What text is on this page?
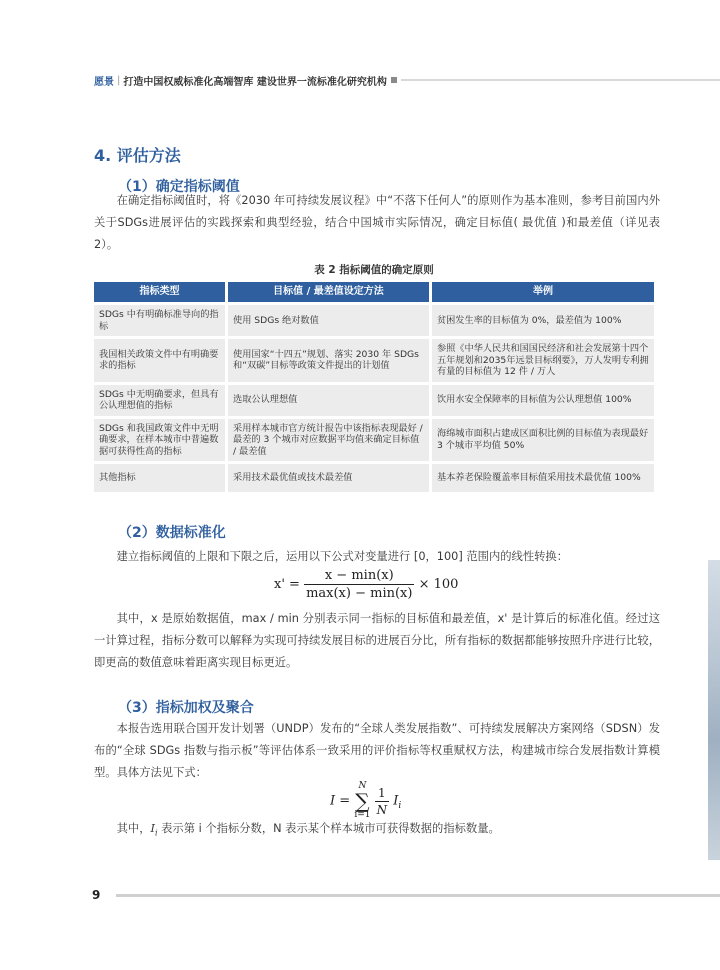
愿景 | 打造中国权威标准化高端智库 建设世界一流标准化研究机构
4. 评估方法
（1）确定指标阈值

在确定指标阈值时，将《2030 年可持续发展议程》中“不落下任何人”的原则作为基本准则，参考目前国内外关于SDGs进展评估的实践探索和典型经验，结合中国城市实际情况，确定目标值( 最优值 )和最差值（详见表 2）。

表 2 指标阈值的确定原则
指标类型	目标值 / 最差值设定方法	举例
SDGs 中有明确标准导向的指标	使用 SDGs 绝对数值	贫困发生率的目标值为 0%，最差值为 100%
我国相关政策文件中有明确要求的指标	使用国家“十四五”规划、落实 2030 年 SDGs 和“双碳”目标等政策文件提出的计划值	参照《中华人民共和国国民经济和社会发展第十四个五年规划和2035年远景目标纲要》，万人发明专利拥有量的目标值为 12 件 / 万人
SDGs 中无明确要求，但具有公认理想值的指标	选取公认理想值	饮用水安全保障率的目标值为公认理想值 100%
SDGs 和我国政策文件中无明确要求，在样本城市中普遍数据可获得性高的指标	采用样本城市官方统计报告中该指标表现最好 / 最差的 3 个城市对应数据平均值来确定目标值 / 最差值	海绵城市面积占建成区面积比例的目标值为表现最好 3 个城市平均值 50%
其他指标	采用技术最优值或技术最差值	基本养老保险覆盖率目标值采用技术最优值 100%
（2）数据标准化

建立指标阈值的上限和下限之后，运用以下公式对变量进行 [0，100] 范围内的线性转换：

$x' = \frac{x - \min(x)}{\max(x) - \min(x)} \times 100$

其中，x 是原始数据值，max / min 分别表示同一指标的目标值和最差值，x' 是计算后的标准化值。经过这一计算过程，指标分数可以解释为实现可持续发展目标的进展百分比，所有指标的数据都能够按照升序进行比较，即更高的数值意味着距离实现目标更近。

（3）指标加权及聚合

本报告选用联合国开发计划署（UNDP）发布的“全球人类发展指数”、可持续发展解决方案网络（SDSN）发布的“全球 SDGs 指数与指示板”等评估体系一致采用的评价指标等权重赋权方法，构建城市综合发展指数计算模型。具体方法见下式：

I =
N
∑
i=1
$\frac{1}{N} I_i$

其中，$I_i$ 表示第 i 个指标分数，N 表示某个样本城市可获得数据的指标数量。

9
